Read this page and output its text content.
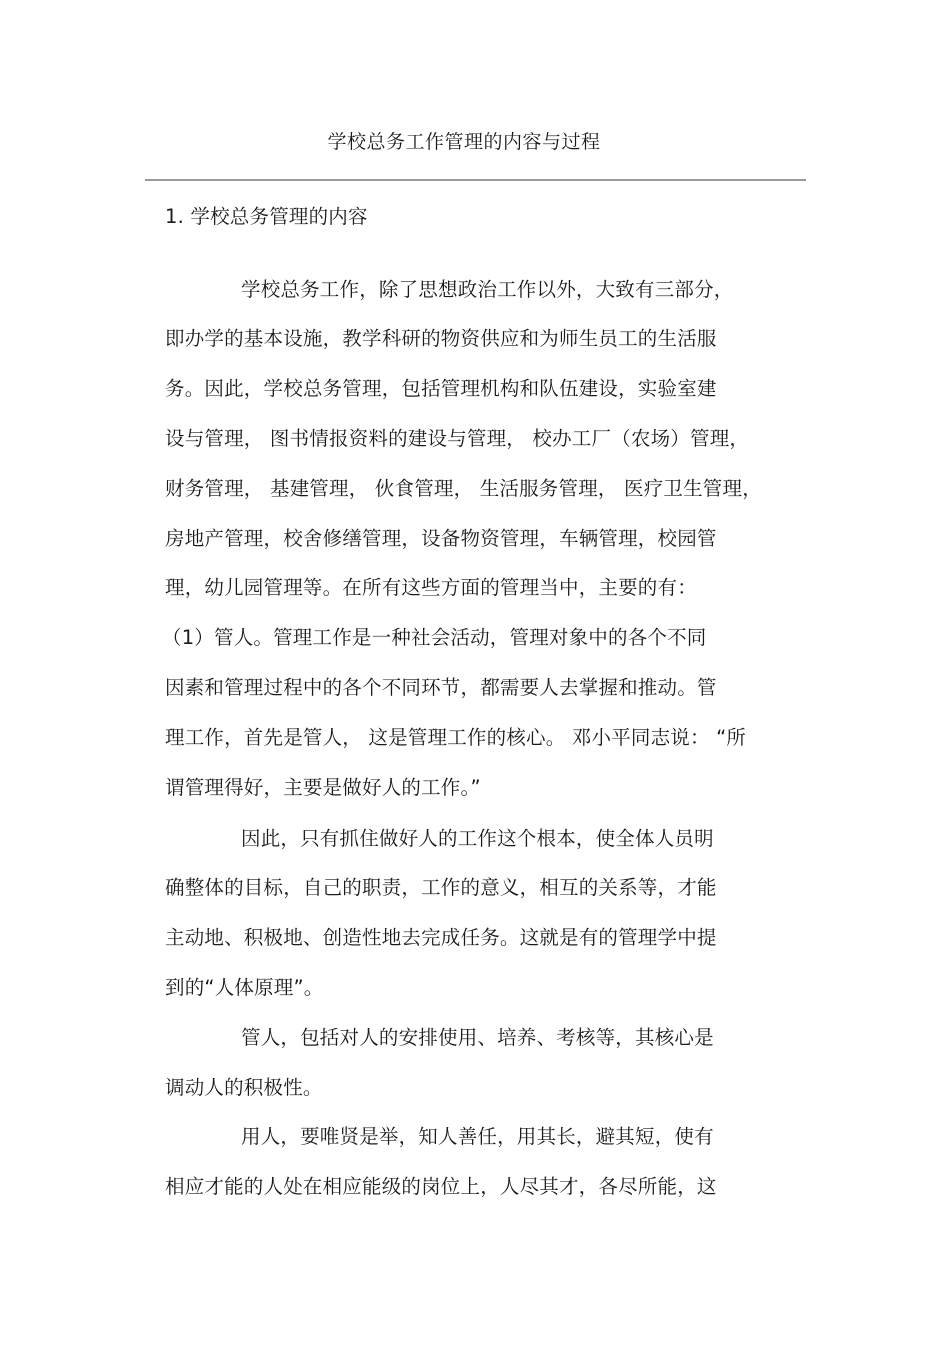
学校总务工作管理的内容与过程
1. 学校总务管理的内容
学校总务工作，除了思想政治工作以外，大致有三部分，
即办学的基本设施，教学科研的物资供应和为师生员工的生活服
务。因此，学校总务管理，包括管理机构和队伍建设，实验室建
设与管理， 图书情报资料的建设与管理， 校办工厂（农场）管理，
财务管理， 基建管理， 伙食管理， 生活服务管理， 医疗卫生管理，
房地产管理，校舍修缮管理，设备物资管理，车辆管理，校园管
理，幼儿园管理等。在所有这些方面的管理当中，主要的有：
（1）管人。管理工作是一种社会活动，管理对象中的各个不同
因素和管理过程中的各个不同环节，都需要人去掌握和推动。管
理工作，首先是管人， 这是管理工作的核心。 邓小平同志说： “所
谓管理得好，主要是做好人的工作。”
因此，只有抓住做好人的工作这个根本，使全体人员明
确整体的目标，自己的职责，工作的意义，相互的关系等，才能
主动地、积极地、创造性地去完成任务。这就是有的管理学中提
到的“人体原理”。
管人，包括对人的安排使用、培养、考核等，其核心是
调动人的积极性。
用人，要唯贤是举，知人善任，用其长，避其短，使有
相应才能的人处在相应能级的岗位上，人尽其才，各尽所能，这
